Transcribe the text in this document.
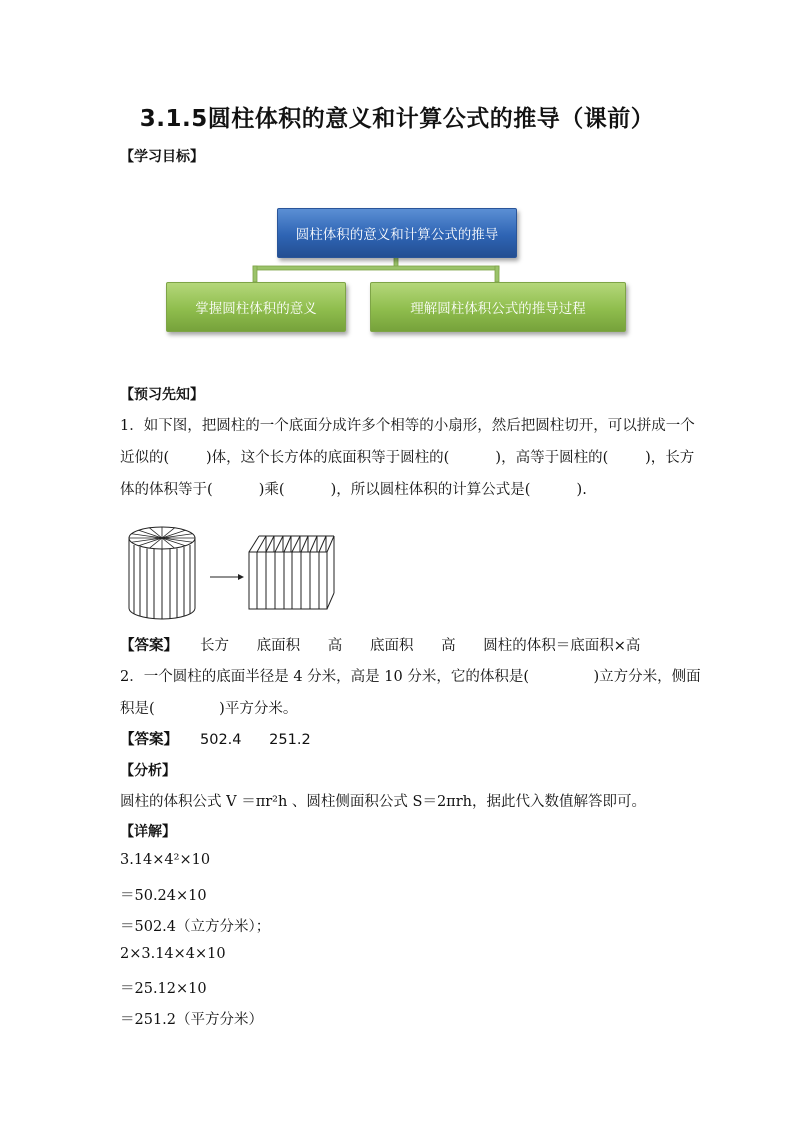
3.1.5圆柱体积的意义和计算公式的推导（课前）
【学习目标】
圆柱体积的意义和计算公式的推导
掌握圆柱体积的意义	理解圆柱体积公式的推导过程
【预习先知】
1．如下图，把圆柱的一个底面分成许多个相等的小扇形，然后把圆柱切开，可以拼成一个
近似的(        )体，这个长方体的底面积等于圆柱的(          )，高等于圆柱的(        )，长方
体的体积等于(          )乘(          )，所以圆柱体积的计算公式是(          ).
【答案】 长方      底面积      高      底面积      高      圆柱的体积＝底面积×高
2．一个圆柱的底面半径是 4 分米，高是 10 分米，它的体积是(              )立方分米，侧面
积是(              )平方分米。
【答案】 502.4      251.2
【分析】
圆柱的体积公式 V ＝πr²h 、圆柱侧面积公式 S＝2πrh，据此代入数值解答即可。
【详解】
3.14×4²×10
＝50.24×10
＝502.4（立方分米）；
2×3.14×4×10
＝25.12×10
＝251.2（平方分米）
